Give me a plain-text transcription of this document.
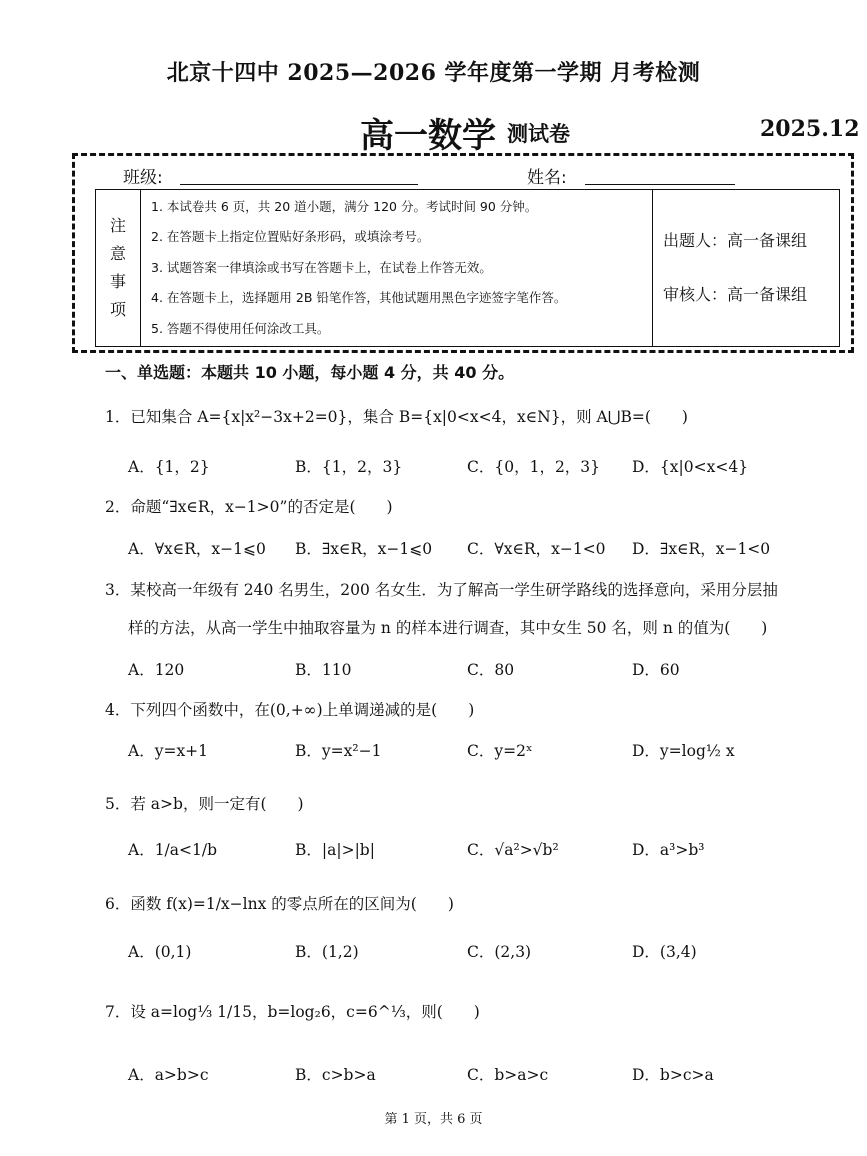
北京十四中 2025—2026 学年度第一学期 月考检测
高一数学 测试卷	2025.12
班级:	姓名:
注
意
事
项

1. 本试卷共 6 页，共 20 道小题，满分 120 分。考试时间 90 分钟。
2. 在答题卡上指定位置贴好条形码，或填涂考号。
3. 试题答案一律填涂或书写在答题卡上，在试卷上作答无效。
4. 在答题卡上，选择题用 2B 铅笔作答，其他试题用黑色字迹签字笔作答。
5. 答题不得使用任何涂改工具。

出题人：高一备课组
审核人：高一备课组
一、单选题：本题共 10 小题，每小题 4 分，共 40 分。
1．已知集合 A={x|x²−3x+2=0}，集合 B={x|0<x<4，x∈N}，则 A⋃B=(　　)
A．{1，2}	B．{1，2，3}	C．{0，1，2，3} D．{x|0<x<4}
2．命题“∃x∈R，x−1>0”的否定是(　　)
A．∀x∈R，x−1⩽0 B．∃x∈R，x−1⩽0 C．∀x∈R，x−1<0 D．∃x∈R，x−1<0
3．某校高一年级有 240 名男生，200 名女生．为了解高一学生研学路线的选择意向，采用分层抽
样的方法，从高一学生中抽取容量为 n 的样本进行调查，其中女生 50 名，则 n 的值为(　　)
A．120	B．110	C．80	D．60
4．下列四个函数中，在(0,+∞)上单调递减的是(　　)
A．y=x+1	B．y=x²−1	C．y=2ˣ	D．y=log½ x
5．若 a>b，则一定有(　　)
A．1/a<1/b	B．|a|>|b|	C．√a²>√b²	D．a³>b³
6．函数 f(x)=1/x−lnx 的零点所在的区间为(　　)
A．(0,1)	B．(1,2)	C．(2,3)	D．(3,4)
7．设 a=log⅓ 1/15，b=log₂6，c=6^⅓，则(　　)
A．a>b>c	B．c>b>a	C．b>a>c	D．b>c>a
第 1 页，共 6 页
